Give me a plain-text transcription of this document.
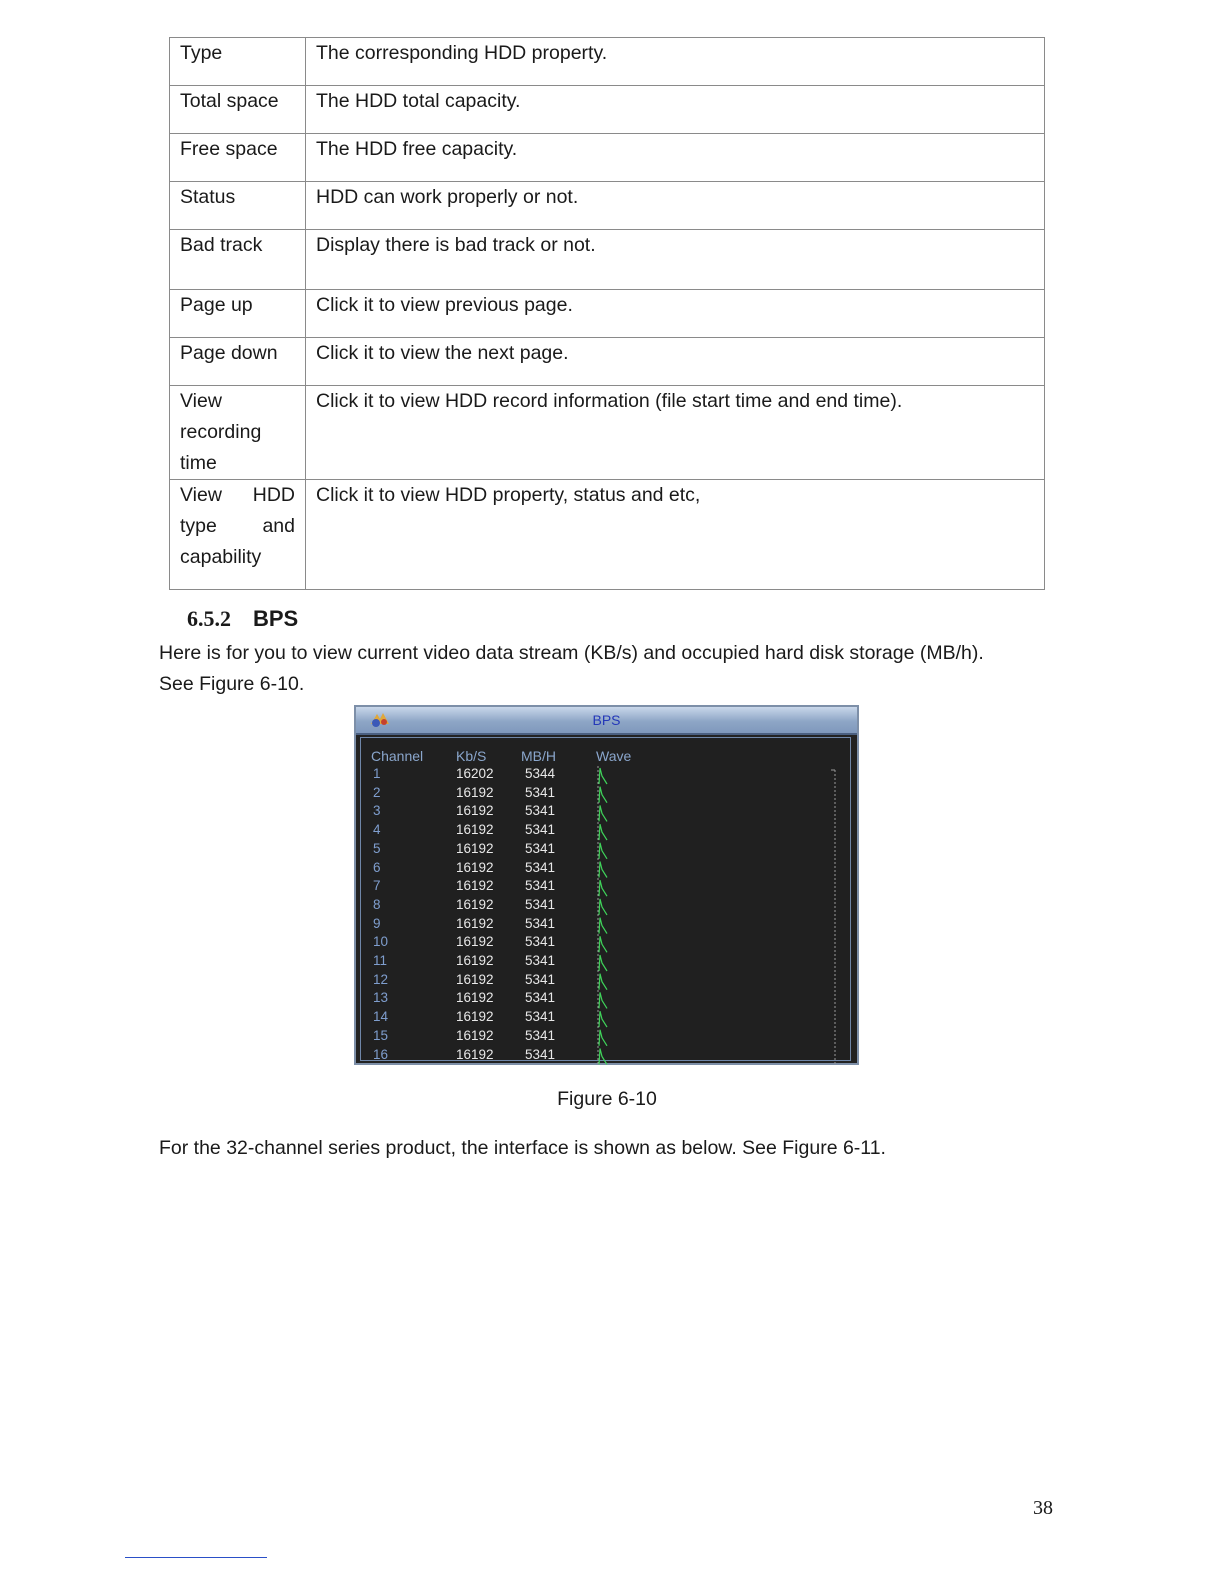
Type	The corresponding HDD property.
Total space	The HDD total capacity.
Free space	The HDD free capacity.
Status	HDD can work properly or not.
Bad track	Display there is bad track or not.
Page up	Click it to view previous page.
Page down	Click it to view the next page.

View
recording time	Click it to view HDD record information (file start time and end time).

View HDD
type and
capability	Click it to view HDD property, status and etc,
6.5.2 BPS
Here is for you to view current video data stream (KB/s) and occupied hard disk storage (MB/h).
See Figure 6-10.
BPS
Channel Kb/S MB/H	Wave
1	16202 5344
2	16192 5341
3	16192 5341
4	16192 5341
5	16192 5341
6	16192 5341
7	16192 5341
8	16192 5341
9	16192 5341
10	16192 5341
11	16192 5341
12	16192 5341
13	16192 5341
14	16192 5341
15	16192 5341
16	16192 5341
Figure 6-10
For the 32-channel series product, the interface is shown as below. See Figure 6-11.
38
